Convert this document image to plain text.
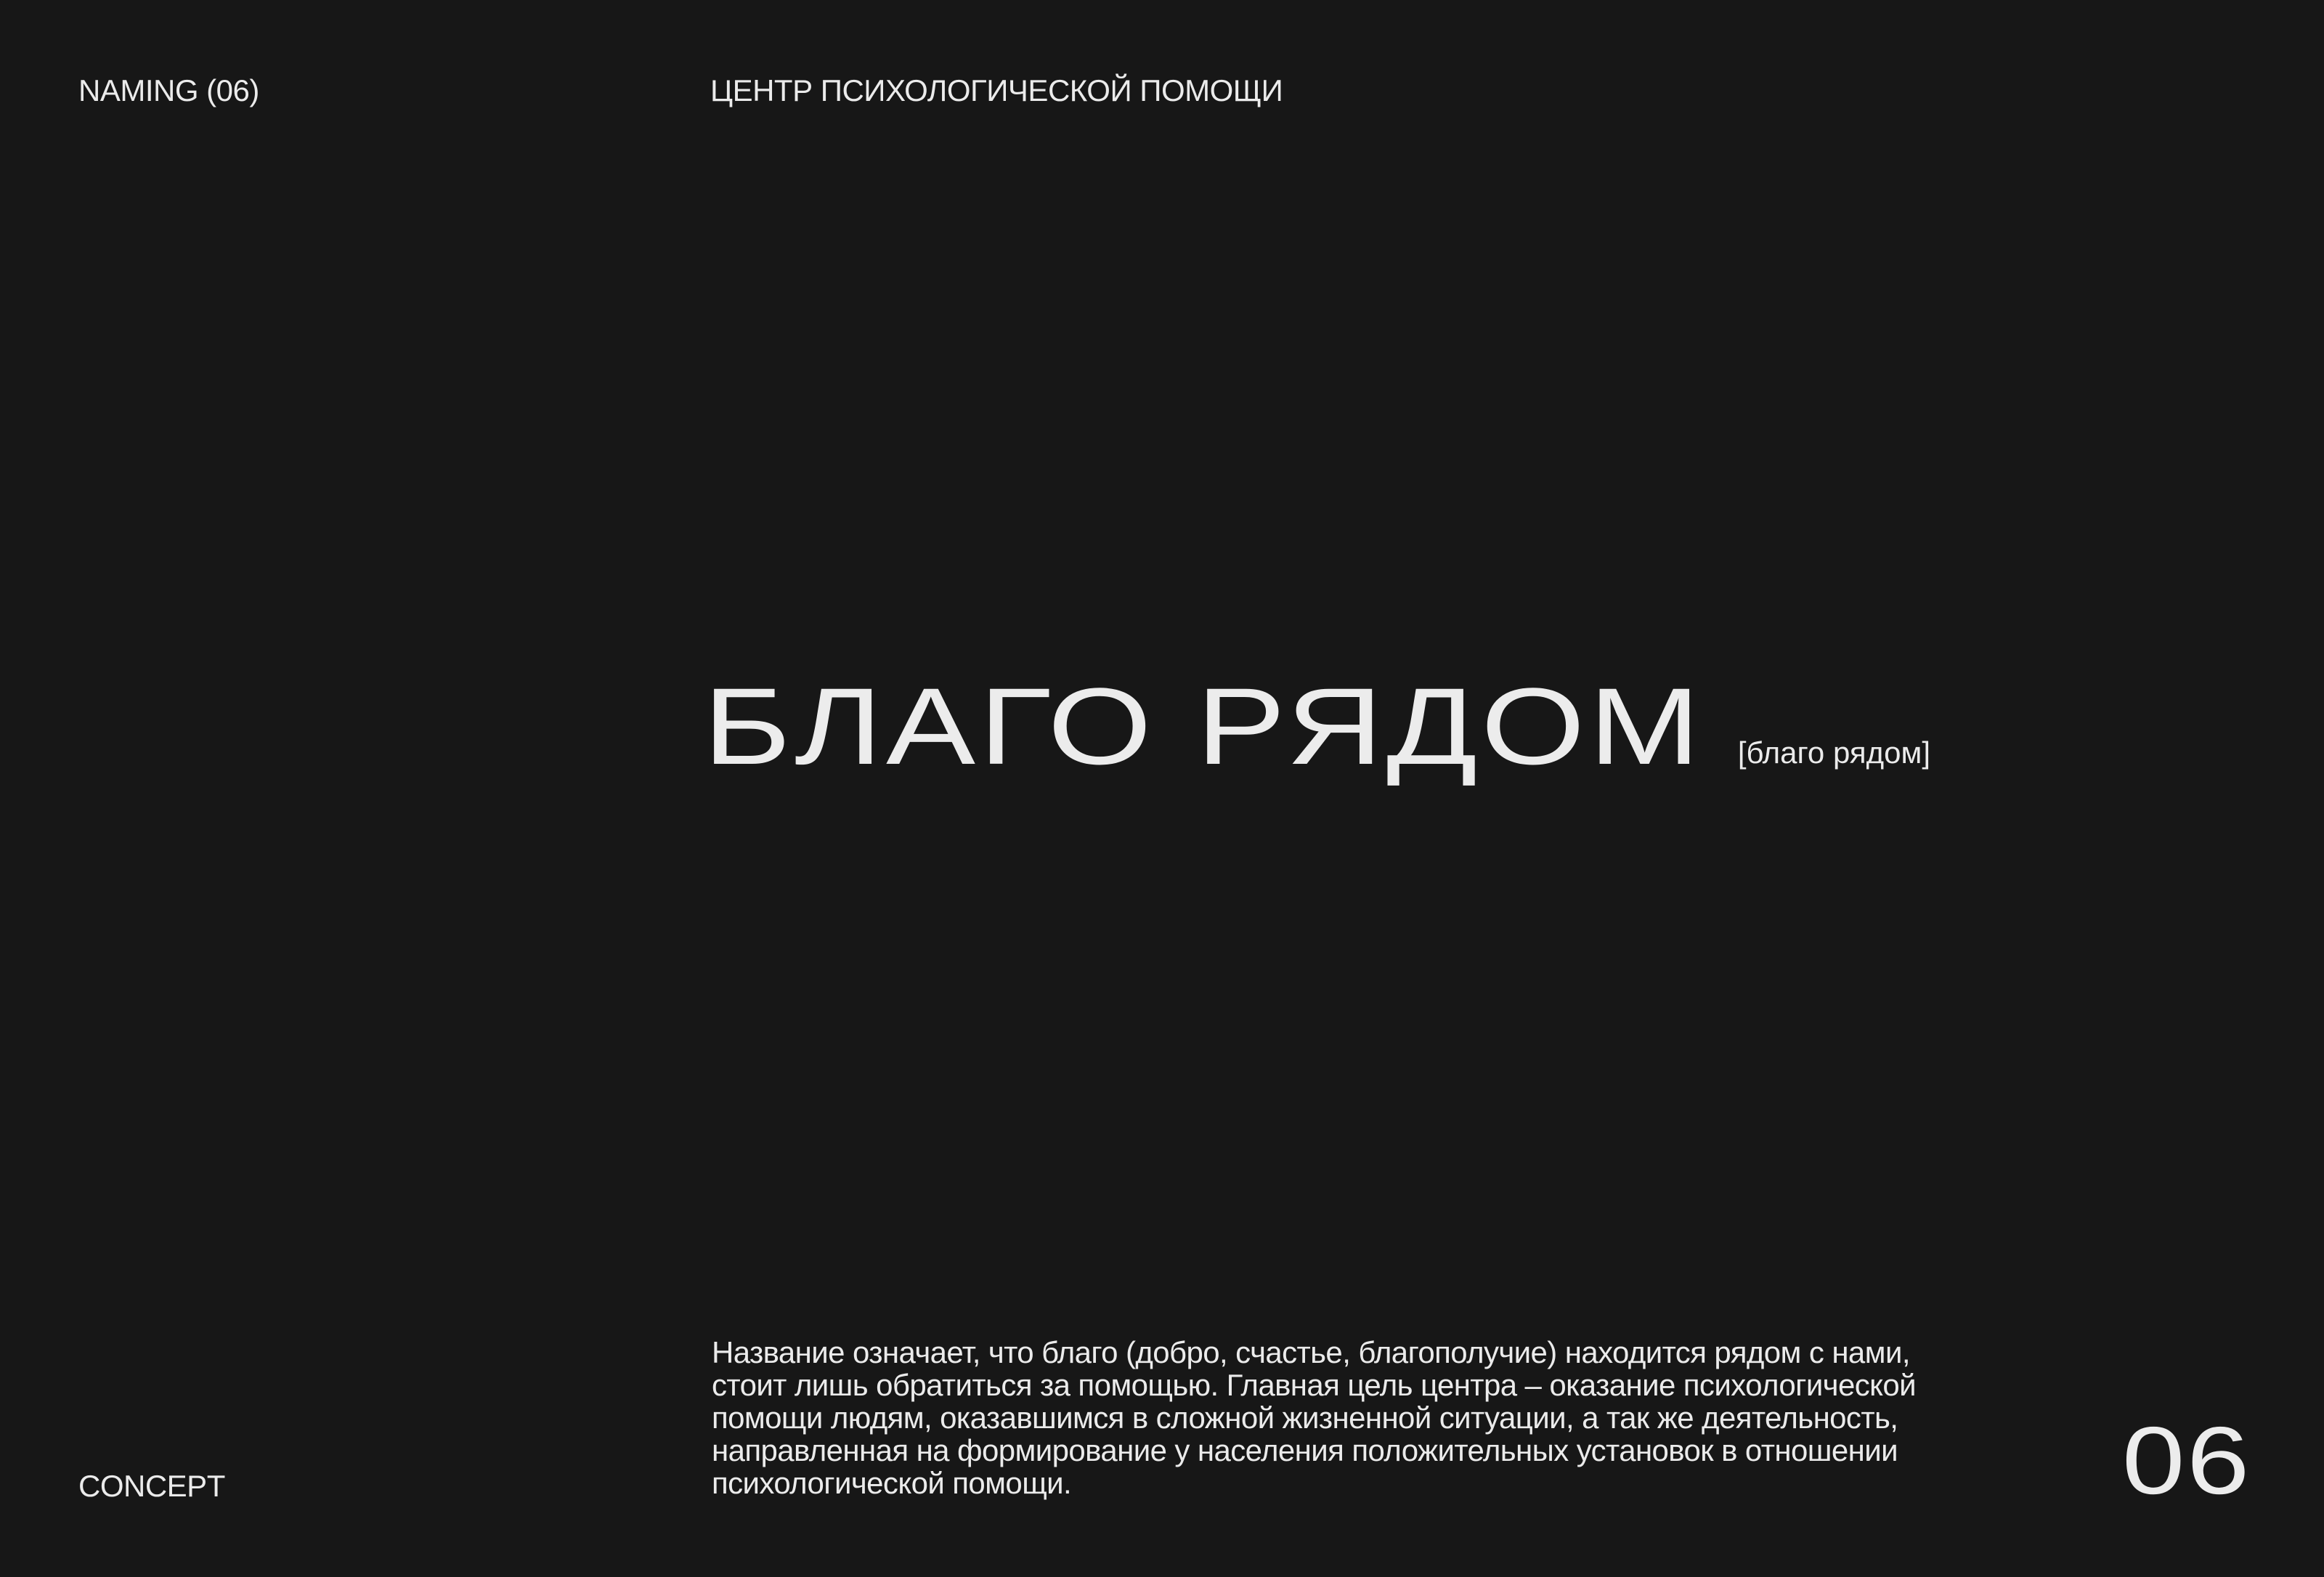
NAMING (06)	ЦЕНТР ПСИХОЛОГИЧЕСКОЙ ПОМОЩИ
БЛАГО РЯДОМ [благо рядом]

Название означает, что благо (добро, счастье, благополучие) находится рядом с нами, стоит лишь обратиться за помощью. Главная цель центра – оказание психологической помощи людям, оказавшимся в сложной жизненной ситуации, а так же деятельность, направленная на формирование у населения положительных установок в отношении психологической помощи.

CONCEPT	06
